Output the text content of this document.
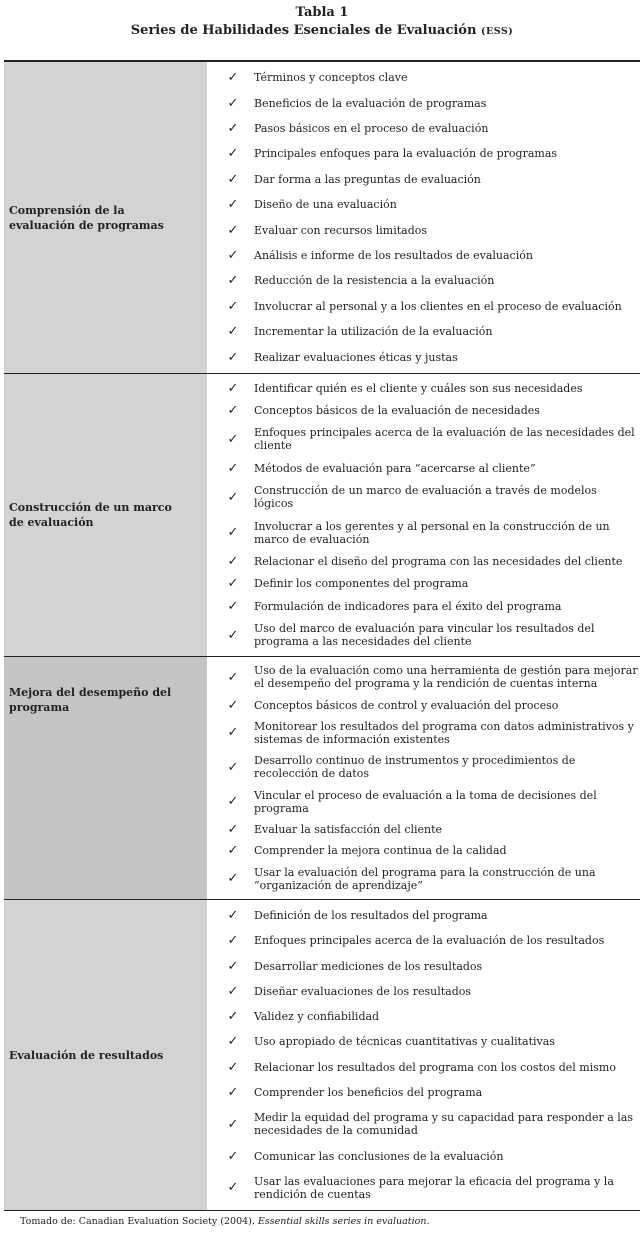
Tabla 1
Series de Habilidades Esenciales de Evaluación (ESS)
Comprensión de la evaluación de programas
✓	Términos y conceptos clave
✓	Beneficios de la evaluación de programas
✓	Pasos básicos en el proceso de evaluación
✓	Principales enfoques para la evaluación de programas
✓	Dar forma a las preguntas de evaluación
✓	Diseño de una evaluación
✓	Evaluar con recursos limitados
✓	Análisis e informe de los resultados de evaluación
✓	Reducción de la resistencia a la evaluación
✓	Involucrar al personal y a los clientes en el proceso de evaluación
✓	Incrementar la utilización de la evaluación
✓	Realizar evaluaciones éticas y justas
Construcción de un marco de evaluación
✓	Identificar quién es el cliente y cuáles son sus necesidades
✓	Conceptos básicos de la evaluación de necesidades
✓	Enfoques principales acerca de la evaluación de las necesidades del cliente
✓	Métodos de evaluación para “acercarse al cliente”
✓	Construcción de un marco de evaluación a través de modelos lógicos
✓	Involucrar a los gerentes y al personal en la construcción de un marco de evaluación
✓	Relacionar el diseño del programa con las necesidades del cliente
✓	Definir los componentes del programa
✓	Formulación de indicadores para el éxito del programa
✓	Uso del marco de evaluación para vincular los resultados del programa a las necesidades del cliente
Mejora del desempeño del programa
✓	Uso de la evaluación como una herramienta de gestión para mejorar el desempeño del programa y la rendición de cuentas interna
✓	Conceptos básicos de control y evaluación del proceso
✓	Monitorear los resultados del programa con datos administrativos y sistemas de información existentes
✓	Desarrollo continuo de instrumentos y procedimientos de recolección de datos
✓	Vincular el proceso de evaluación a la toma de decisiones del programa
✓	Evaluar la satisfacción del cliente
✓	Comprender la mejora continua de la calidad
✓	Usar la evaluación del programa para la construcción de una “organización de aprendizaje”
Evaluación de resultados
✓	Definición de los resultados del programa
✓	Enfoques principales acerca de la evaluación de los resultados
✓	Desarrollar mediciones de los resultados
✓	Diseñar evaluaciones de los resultados
✓	Validez y confiabilidad
✓	Uso apropiado de técnicas cuantitativas y cualitativas
✓	Relacionar los resultados del programa con los costos del mismo
✓	Comprender los beneficios del programa
✓	Medir la equidad del programa y su capacidad para responder a las necesidades de la comunidad
✓	Comunicar las conclusiones de la evaluación
✓	Usar las evaluaciones para mejorar la eficacia del programa y la rendición de cuentas
Tomado de: Canadian Evaluation Society (2004). Essential skills series in evaluation.
